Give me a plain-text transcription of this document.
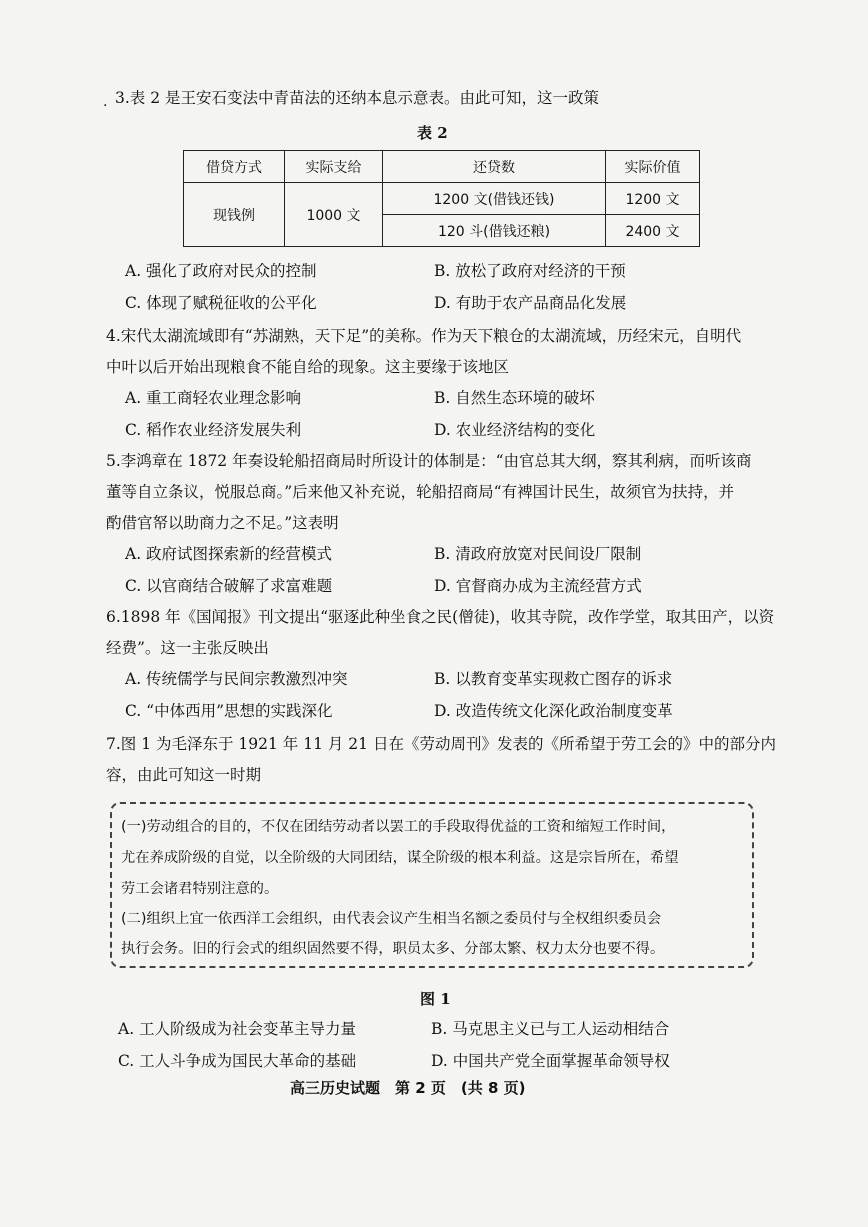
. 3.表 2 是王安石变法中青苗法的还纳本息示意表。由此可知，这一政策
表 2
借贷方式	实际支给	还贷数	实际价值
现钱例	1000 文	1200 文(借钱还钱)	1200 文
		120 斗(借钱还粮)	2400 文
A. 强化了政府对民众的控制	B. 放松了政府对经济的干预
C. 体现了赋税征收的公平化	D. 有助于农产品商品化发展
4.宋代太湖流域即有“苏湖熟，天下足”的美称。作为天下粮仓的太湖流域，历经宋元，自明代
中叶以后开始出现粮食不能自给的现象。这主要缘于该地区
A. 重工商轻农业理念影响	B. 自然生态环境的破坏
C. 稻作农业经济发展失利	D. 农业经济结构的变化
5.李鸿章在 1872 年奏设轮船招商局时所设计的体制是：“由官总其大纲，察其利病，而听该商
董等自立条议，悦服总商。”后来他又补充说，轮船招商局“有裨国计民生，故须官为扶持，并
酌借官帑以助商力之不足。”这表明
A. 政府试图探索新的经营模式	B. 清政府放宽对民间设厂限制
C. 以官商结合破解了求富难题	D. 官督商办成为主流经营方式
6.1898 年《国闻报》刊文提出“驱逐此种坐食之民(僧徒)，收其寺院，改作学堂，取其田产，以资
经费”。这一主张反映出
A. 传统儒学与民间宗教激烈冲突	B. 以教育变革实现救亡图存的诉求
C. “中体西用”思想的实践深化	D. 改造传统文化深化政治制度变革
7.图 1 为毛泽东于 1921 年 11 月 21 日在《劳动周刊》发表的《所希望于劳工会的》中的部分内
容，由此可知这一时期
(一)劳动组合的目的，不仅在团结劳动者以罢工的手段取得优益的工资和缩短工作时间，
尤在养成阶级的自觉，以全阶级的大同团结，谋全阶级的根本利益。这是宗旨所在，希望
劳工会诸君特别注意的。
(二)组织上宜一依西洋工会组织，由代表会议产生相当名额之委员付与全权组织委员会
执行会务。旧的行会式的组织固然要不得，职员太多、分部太繁、权力太分也要不得。
图 1
A. 工人阶级成为社会变革主导力量	B. 马克思主义已与工人运动相结合
C. 工人斗争成为国民大革命的基础	D. 中国共产党全面掌握革命领导权
高三历史试题　第 2 页　(共 8 页)
